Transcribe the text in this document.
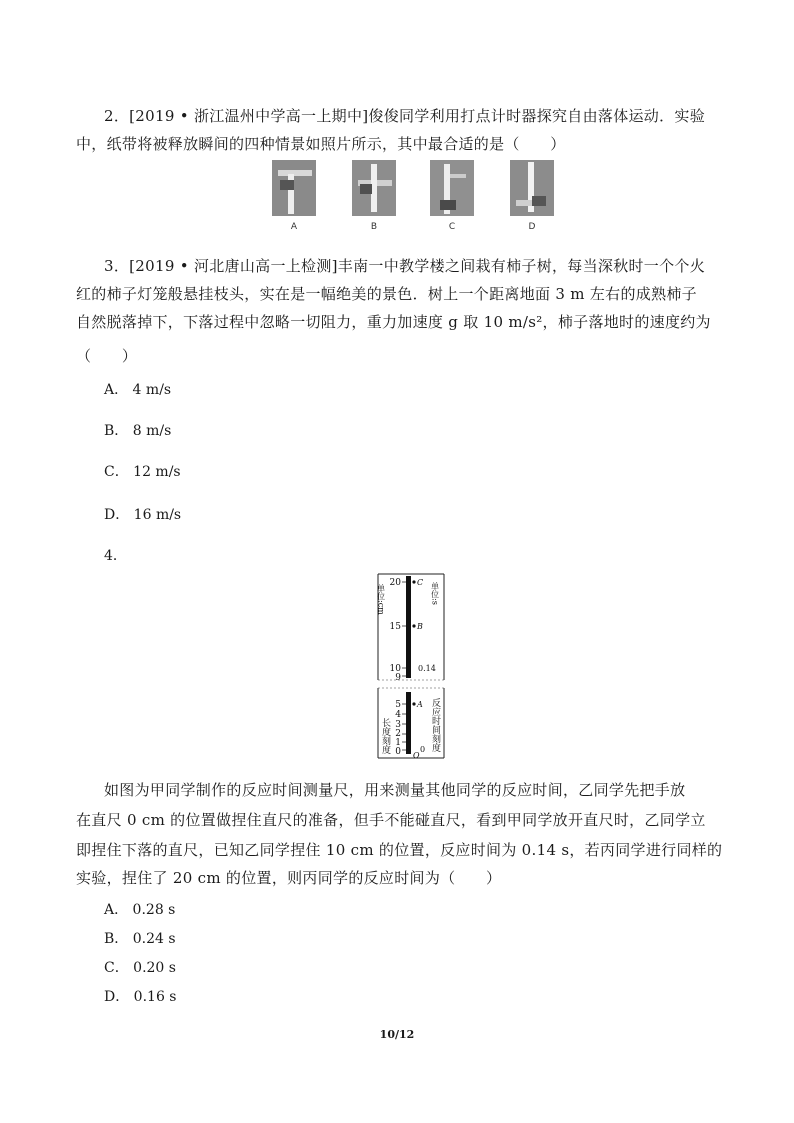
2．[2019 • 浙江温州中学高一上期中]俊俊同学利用打点计时器探究自由落体运动．实验
中，纸带将被释放瞬间的四种情景如照片所示，其中最合适的是（　　）
A	B	C	D
3．[2019 • 河北唐山高一上检测]丰南一中教学楼之间栽有柿子树，每当深秋时一个个火
红的柿子灯笼般悬挂枝头，实在是一幅绝美的景色．树上一个距离地面 3 m 左右的成熟柿子
自然脱落掉下，下落过程中忽略一切阻力，重力加速度 g 取 10 m/s²，柿子落地时的速度约为
（　　）
A． 4 m/s
B． 8 m/s
C． 12 m/s
D． 16 m/s
4．
20
15
10
9
5
4
3
2
1
0
单位:cm
长度刻度
C
B
A
O
0.14
0
单位:s
反应时间刻度
如图为甲同学制作的反应时间测量尺，用来测量其他同学的反应时间，乙同学先把手放
在直尺 0 cm 的位置做捏住直尺的准备，但手不能碰直尺，看到甲同学放开直尺时，乙同学立
即捏住下落的直尺，已知乙同学捏住 10 cm 的位置，反应时间为 0.14 s，若丙同学进行同样的
实验，捏住了 20 cm 的位置，则丙同学的反应时间为（　　）
A． 0.28 s
B． 0.24 s
C． 0.20 s
D． 0.16 s
10/12
